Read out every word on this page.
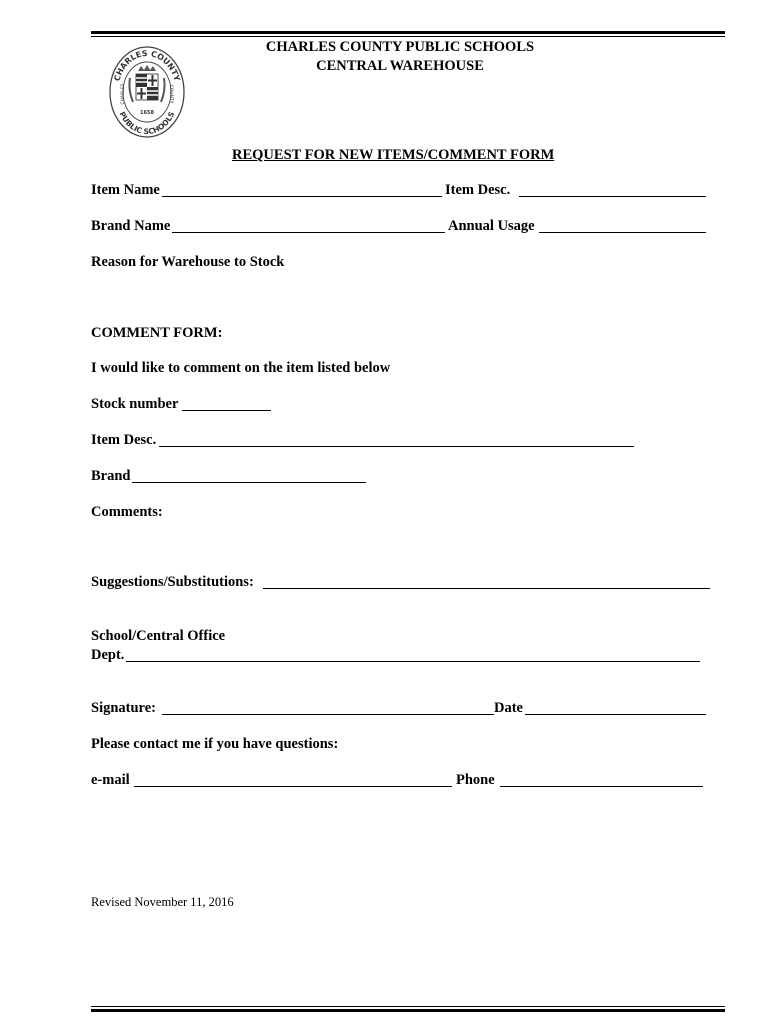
CHARLES COUNTY
PUBLIC SCHOOLS
CHARLES	COUNTY
1658
CHARLES COUNTY PUBLIC SCHOOLS
CENTRAL WAREHOUSE
REQUEST FOR NEW ITEMS/COMMENT FORM
Item Name	Item Desc.
Brand Name	Annual Usage
Reason for Warehouse to Stock
COMMENT FORM:
I would like to comment on the item listed below
Stock number
Item Desc.
Brand
Comments:
Suggestions/Substitutions:
School/Central Office
Dept.
Signature:	Date
Please contact me if you have questions:
e-mail	Phone
Revised November 11, 2016
